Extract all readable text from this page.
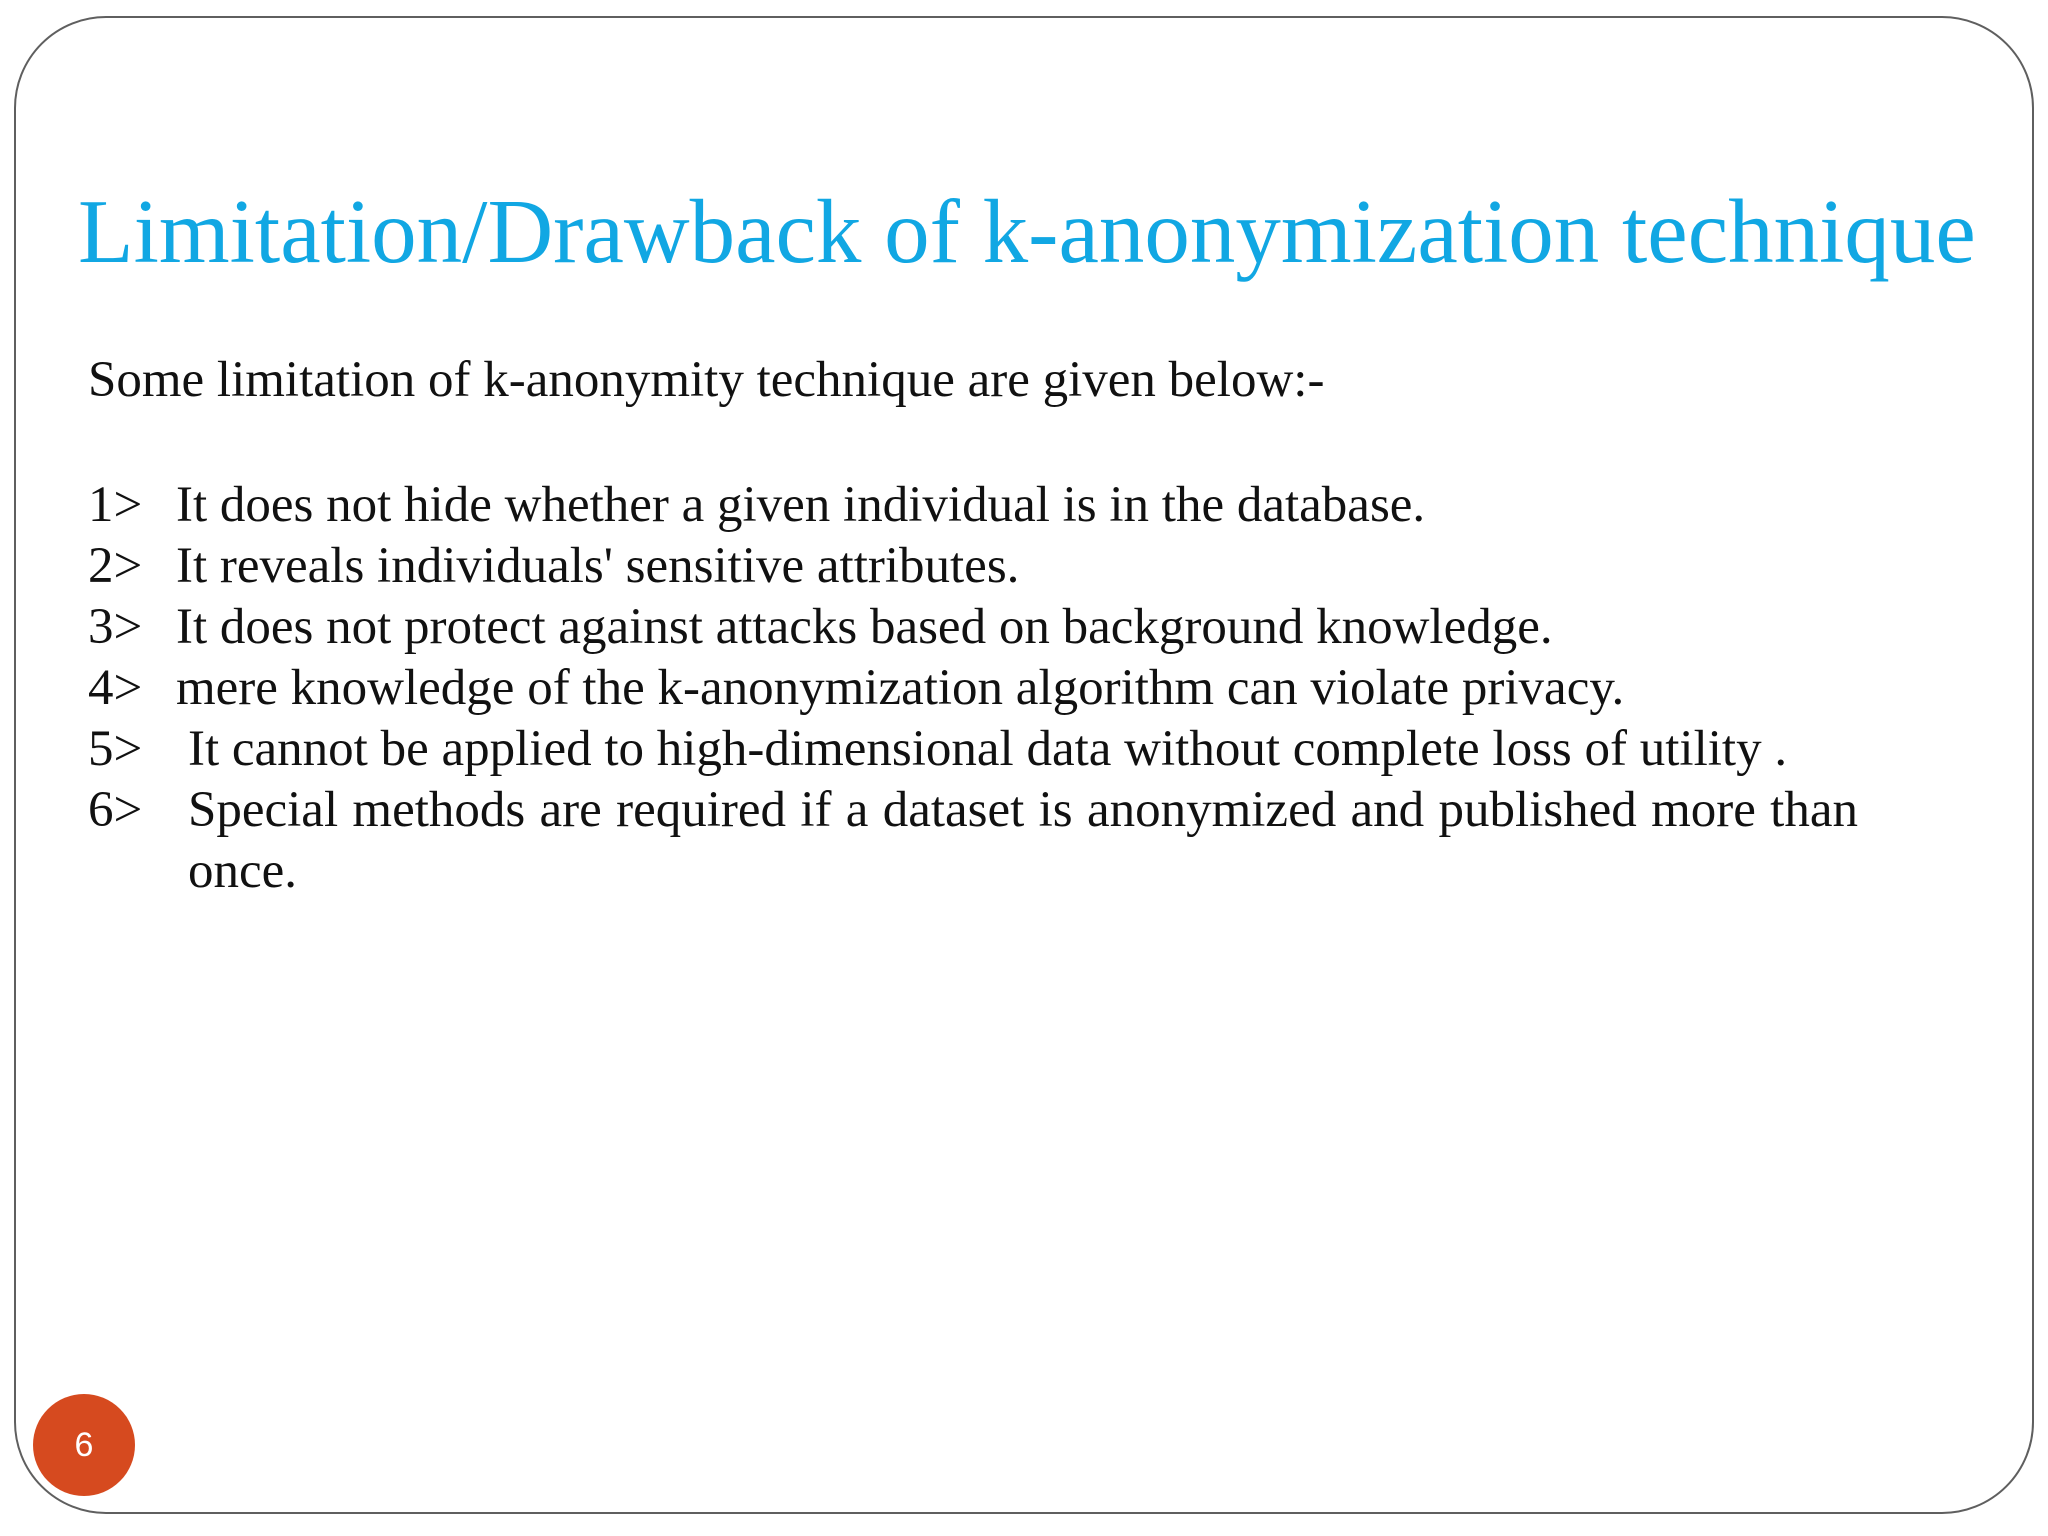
Limitation/Drawback of k-anonymization technique

Some limitation of k-anonymity technique are given below:-

1> It does not hide whether a given individual is in the database.
2> It reveals individuals' sensitive attributes.
3> It does not protect against attacks based on background knowledge.
4> mere knowledge of the k-anonymization algorithm can violate privacy.
5> It cannot be applied to high-dimensional data without complete loss of utility .
6> Special methods are required if a dataset is anonymized and published more than once.
6
